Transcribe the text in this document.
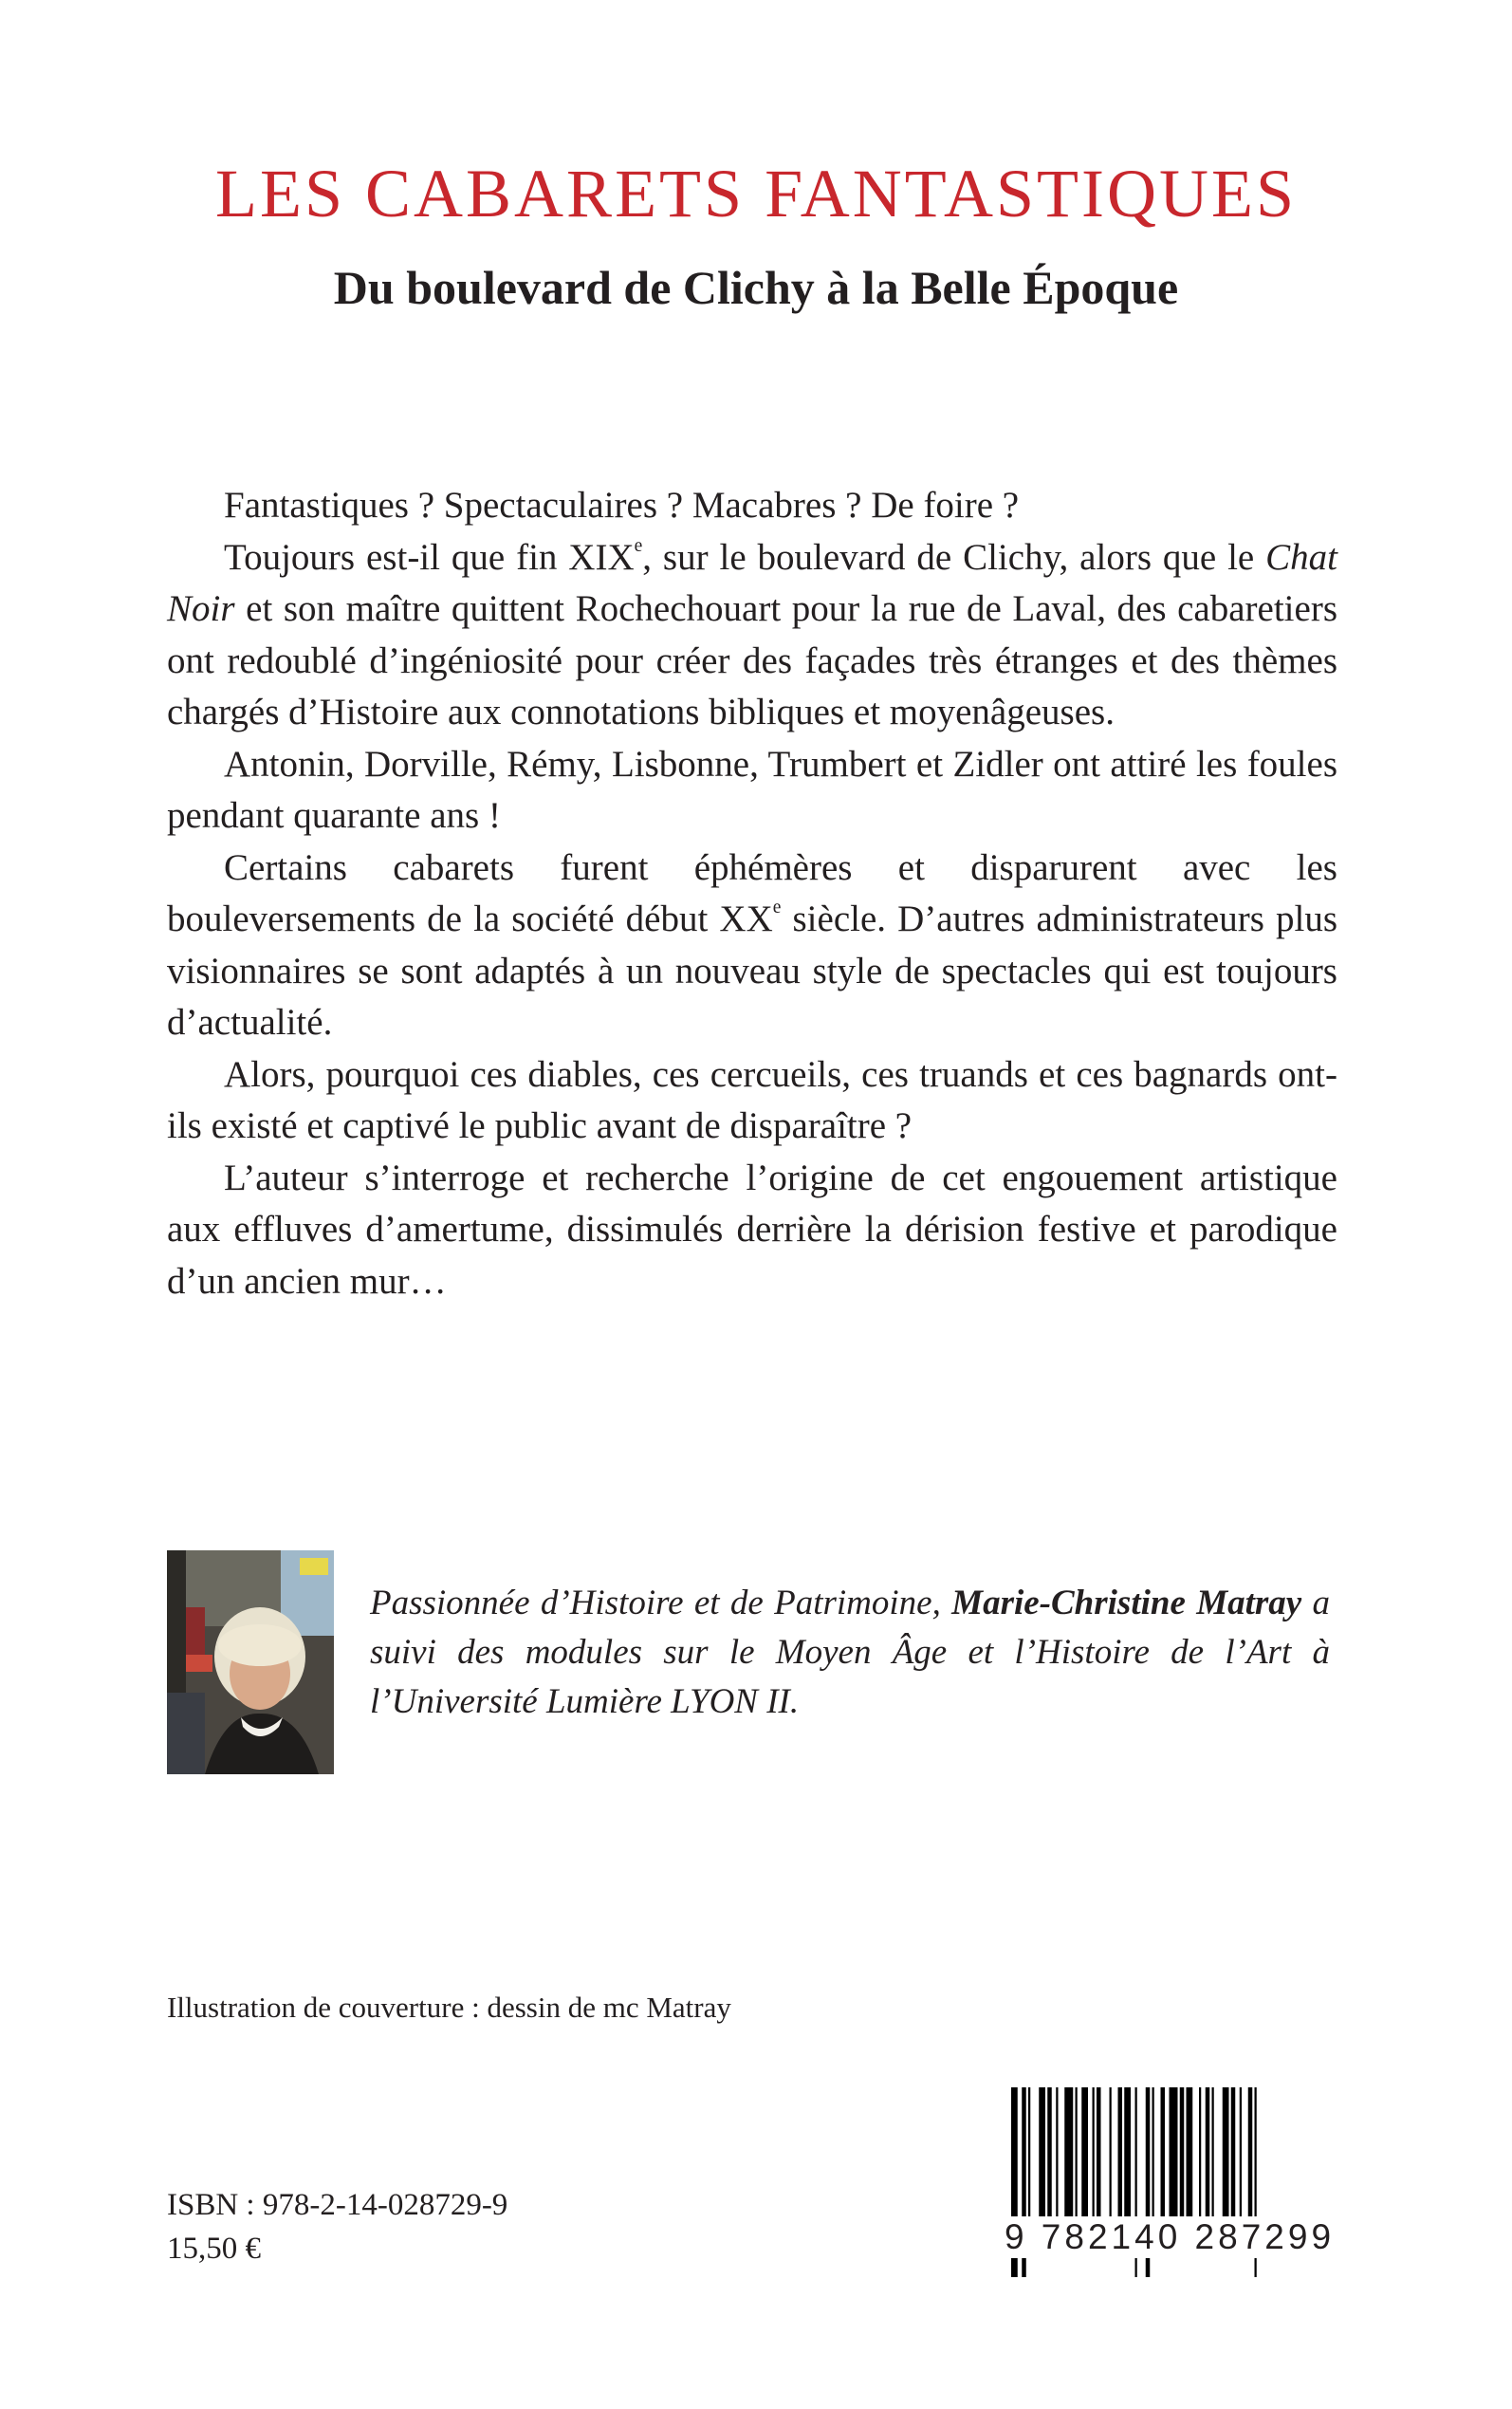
LES CABARETS FANTASTIQUES
Du boulevard de Clichy à la Belle Époque

Fantastiques ? Spectaculaires ? Macabres ? De foire ?

Toujours est-il que fin XIXe, sur le boulevard de Clichy, alors que le Chat Noir et son maître quittent Rochechouart pour la rue de Laval, des cabaretiers ont redoublé d’ingéniosité pour créer des façades très étranges et des thèmes chargés d’Histoire aux connotations bibliques et moyenâgeuses.

Antonin, Dorville, Rémy, Lisbonne, Trumbert et Zidler ont attiré les foules pendant quarante ans !

Certains cabarets furent éphémères et disparurent avec les bouleversements de la société début XXe siècle. D’autres administrateurs plus visionnaires se sont adaptés à un nouveau style de spectacles qui est toujours d’actualité.

Alors, pourquoi ces diables, ces cercueils, ces truands et ces bagnards ont-ils existé et captivé le public avant de disparaître ?

L’auteur s’interroge et recherche l’origine de cet engouement artistique aux effluves d’amertume, dissimulés derrière la dérision festive et parodique d’un ancien mur…

Passionnée d’Histoire et de Patrimoine, Marie-Christine Matray a suivi des modules sur le Moyen Âge et l’Histoire de l’Art à l’Université Lumière LYON II.

Illustration de couverture : dessin de mc Matray

ISBN : 978-2-14-028729-9

15,50 €	9 782140 287299
